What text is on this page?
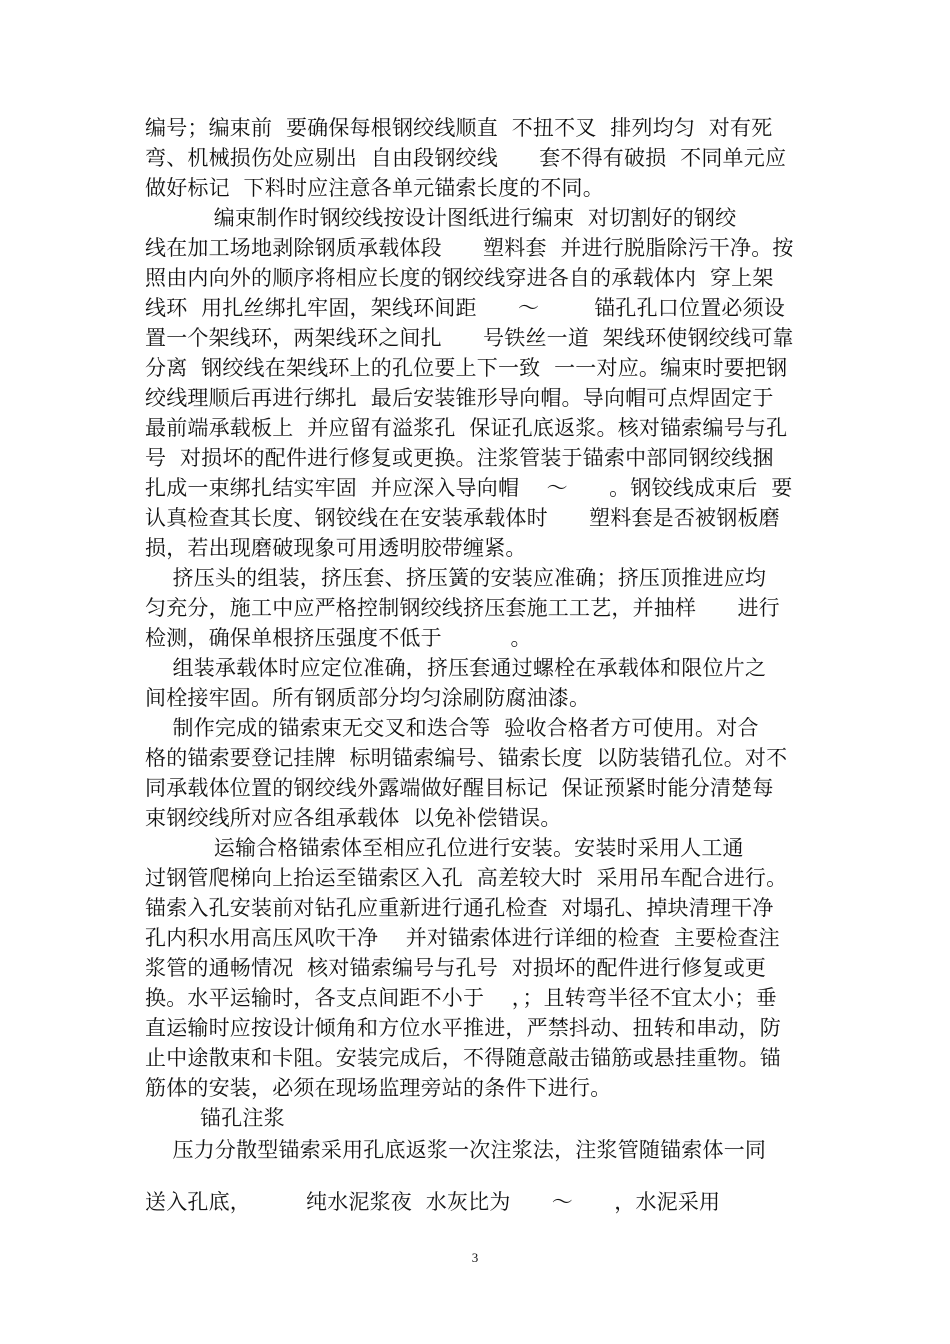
编号；编束前  要确保每根钢绞线顺直  不扭不叉  排列均匀  对有死
弯、机械损伤处应剔出  自由段钢绞线      套不得有破损  不同单元应
做好标记  下料时应注意各单元锚索长度的不同。
编束制作时钢绞线按设计图纸进行编束  对切割好的钢绞
线在加工场地剥除钢质承载体段      塑料套  并进行脱脂除污干净。按
照由内向外的顺序将相应长度的钢绞线穿进各自的承载体内  穿上架
线环  用扎丝绑扎牢固，架线环间距      ～        锚孔孔口位置必须设
置一个架线环，两架线环之间扎      号铁丝一道  架线环使钢绞线可靠
分离  钢绞线在架线环上的孔位要上下一致  一一对应。编束时要把钢
绞线理顺后再进行绑扎  最后安装锥形导向帽。导向帽可点焊固定于
最前端承载板上  并应留有溢浆孔  保证孔底返浆。核对锚索编号与孔
号  对损坏的配件进行修复或更换。注浆管装于锚索中部同钢绞线捆
扎成一束绑扎结实牢固  并应深入导向帽    ～      。钢铰线成束后  要
认真检查其长度、钢铰线在在安装承载体时      塑料套是否被钢板磨
损，若出现磨破现象可用透明胶带缠紧。
挤压头的组装，挤压套、挤压簧的安装应准确；挤压顶推进应均
匀充分，施工中应严格控制钢绞线挤压套施工工艺，并抽样      进行
检测，确保单根挤压强度不低于          。
组装承载体时应定位准确，挤压套通过螺栓在承载体和限位片之
间栓接牢固。所有钢质部分均匀涂刷防腐油漆。
制作完成的锚索束无交叉和迭合等  验收合格者方可使用。对合
格的锚索要登记挂牌  标明锚索编号、锚索长度  以防装错孔位。对不
同承载体位置的钢绞线外露端做好醒目标记  保证预紧时能分清楚每
束钢绞线所对应各组承载体  以免补偿错误。
运输合格锚索体至相应孔位进行安装。安装时采用人工通
过钢管爬梯向上抬运至锚索区入孔  高差较大时  采用吊车配合进行。
锚索入孔安装前对钻孔应重新进行通孔检查  对塌孔、掉块清理干净
孔内积水用高压风吹干净    并对锚索体进行详细的检查  主要检查注
浆管的通畅情况  核对锚索编号与孔号  对损坏的配件进行修复或更
换。水平运输时，各支点间距不小于    ，；且转弯半径不宜太小；垂
直运输时应按设计倾角和方位水平推进，严禁抖动、扭转和串动，防
止中途散束和卡阻。安装完成后，不得随意敲击锚筋或悬挂重物。锚
筋体的安装，必须在现场监理旁站的条件下进行。
锚孔注浆
压力分散型锚索采用孔底返浆一次注浆法，注浆管随锚索体一同
送入孔底，        纯水泥浆夜  水灰比为      ～      ，水泥采用
3
